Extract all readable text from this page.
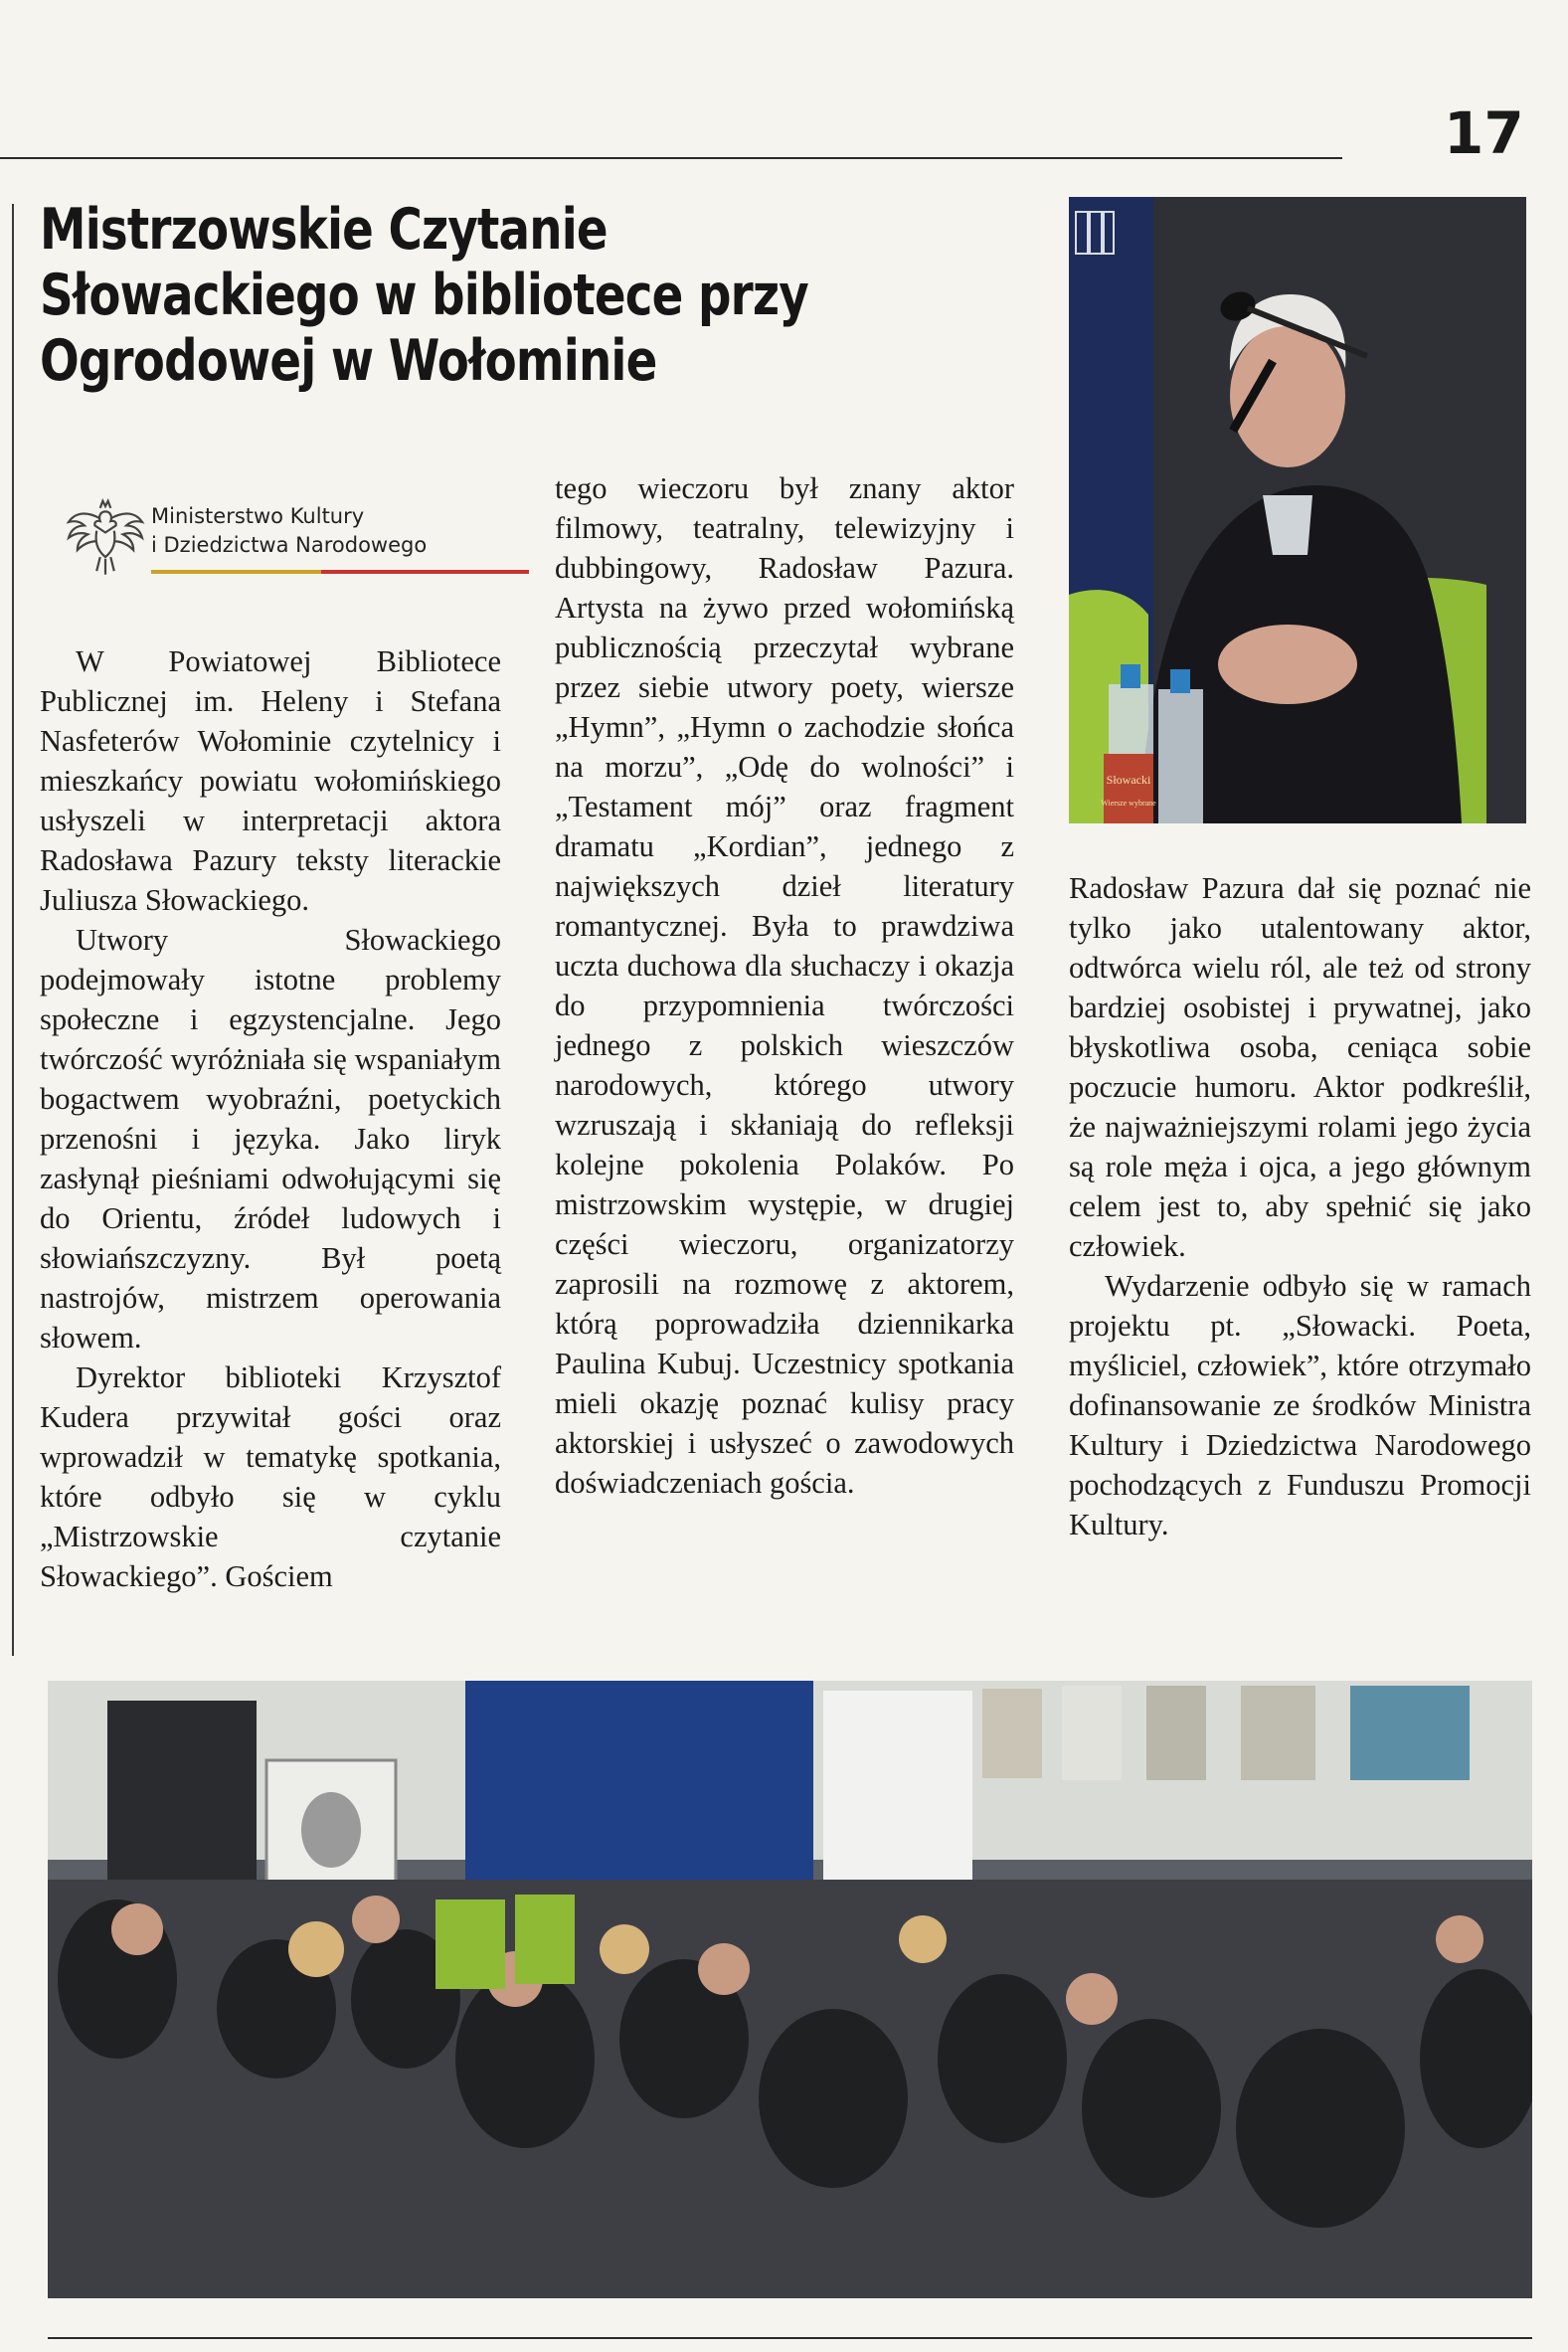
17
Mistrzowskie Czytanie Słowackiego w bibliotece przy Ogrodowej w Wołominie
Ministerstwo Kultury
i Dziedzictwa Narodowego

W Powiatowej Bibliotece Publicznej im. Heleny i Stefana Nasfeterów Wołominie czytelnicy i mieszkańcy powiatu wołomińskiego usłyszeli w interpretacji aktora Radosława Pazury teksty literackie Juliusza Słowackiego.

Utwory Słowackiego podejmowały istotne problemy społeczne i egzystencjalne. Jego twórczość wyróżniała się wspaniałym bogactwem wyobraźni, poetyckich przenośni i języka. Jako liryk zasłynął pieśniami odwołującymi się do Orientu, źródeł ludowych i słowiańszczyzny. Był poetą nastrojów, mistrzem operowania słowem.

Dyrektor biblioteki Krzysztof Kudera przywitał gości oraz wprowadził w tematykę spotkania, które odbyło się w cyklu „Mistrzowskie czytanie Słowackiego”. Gościem

tego wieczoru był znany aktor filmowy, teatralny, telewizyjny i dubbingowy, Radosław Pazura. Artysta na żywo przed wołomińską publicznością przeczytał wybrane przez siebie utwory poety, wiersze „Hymn”, „Hymn o zachodzie słońca na morzu”, „Odę do wolności” i „Testament mój” oraz fragment dramatu „Kordian”, jednego z największych dzieł literatury romantycznej. Była to prawdziwa uczta duchowa dla słuchaczy i okazja do przypomnienia twórczości jednego z polskich wieszczów narodowych, którego utwory wzruszają i skłaniają do refleksji kolejne pokolenia Polaków. Po mistrzowskim występie, w drugiej części wieczoru, organizatorzy zaprosili na rozmowę z aktorem, którą poprowadziła dziennikarka Paulina Kubuj. Uczestnicy spotkania mieli okazję poznać kulisy pracy aktorskiej i usłyszeć o zawodowych doświadczeniach gościa.

Radosław Pazura dał się poznać nie tylko jako utalentowany aktor, odtwórca wielu ról, ale też od strony bardziej osobistej i prywatnej, jako błyskotliwa osoba, ceniąca sobie poczucie humoru. Aktor podkreślił, że najważniejszymi rolami jego życia są role męża i ojca, a jego głównym celem jest to, aby spełnić się jako człowiek.

Wydarzenie odbyło się w ramach projektu pt. „Słowacki. Poeta, myśliciel, człowiek”, które otrzymało dofinansowanie ze środków Ministra Kultury i Dziedzictwa Narodowego pochodzących z Funduszu Promocji Kultury.

Słowacki
Wiersze wybrane
